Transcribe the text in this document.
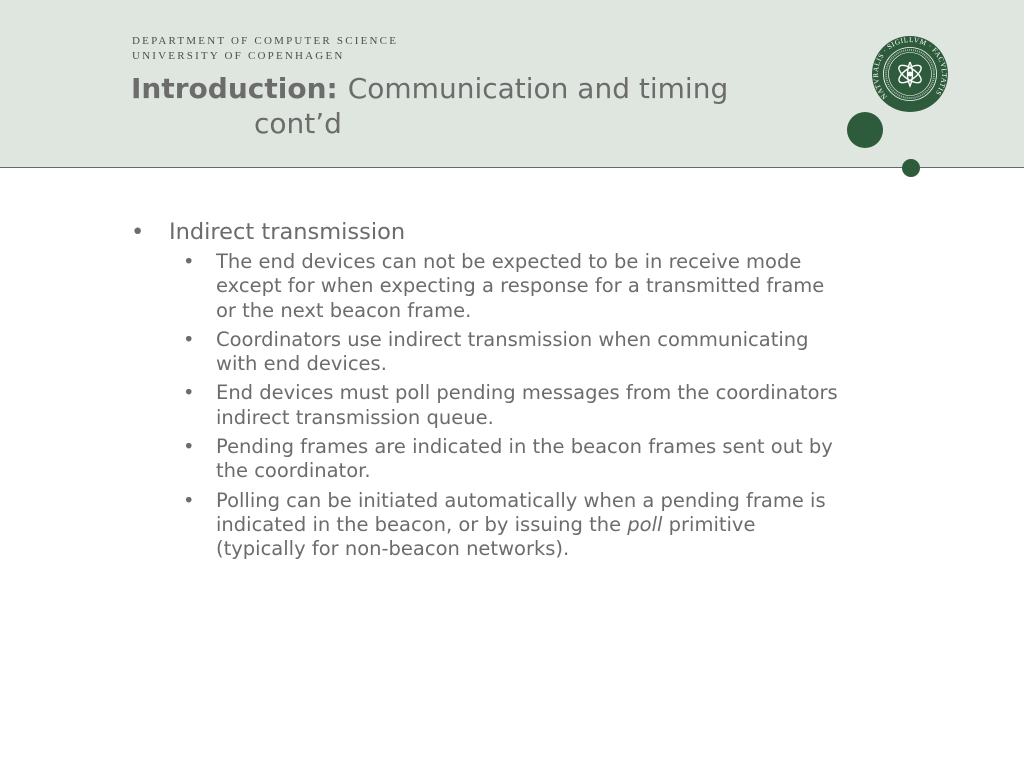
DEPARTMENT OF COMPUTER SCIENCE
UNIVERSITY OF COPENHAGEN
Introduction: Communication and timing
cont’d
NATVRALIS · SIGILLVM · FACVLTATIS
• Indirect transmission
• The end devices can not be expected to be in receive mode
except for when expecting a response for a transmitted frame
or the next beacon frame.
• Coordinators use indirect transmission when communicating
with end devices.
• End devices must poll pending messages from the coordinators
indirect transmission queue.
• Pending frames are indicated in the beacon frames sent out by
the coordinator.
• Polling can be initiated automatically when a pending frame is
indicated in the beacon, or by issuing the poll primitive
(typically for non-beacon networks).
